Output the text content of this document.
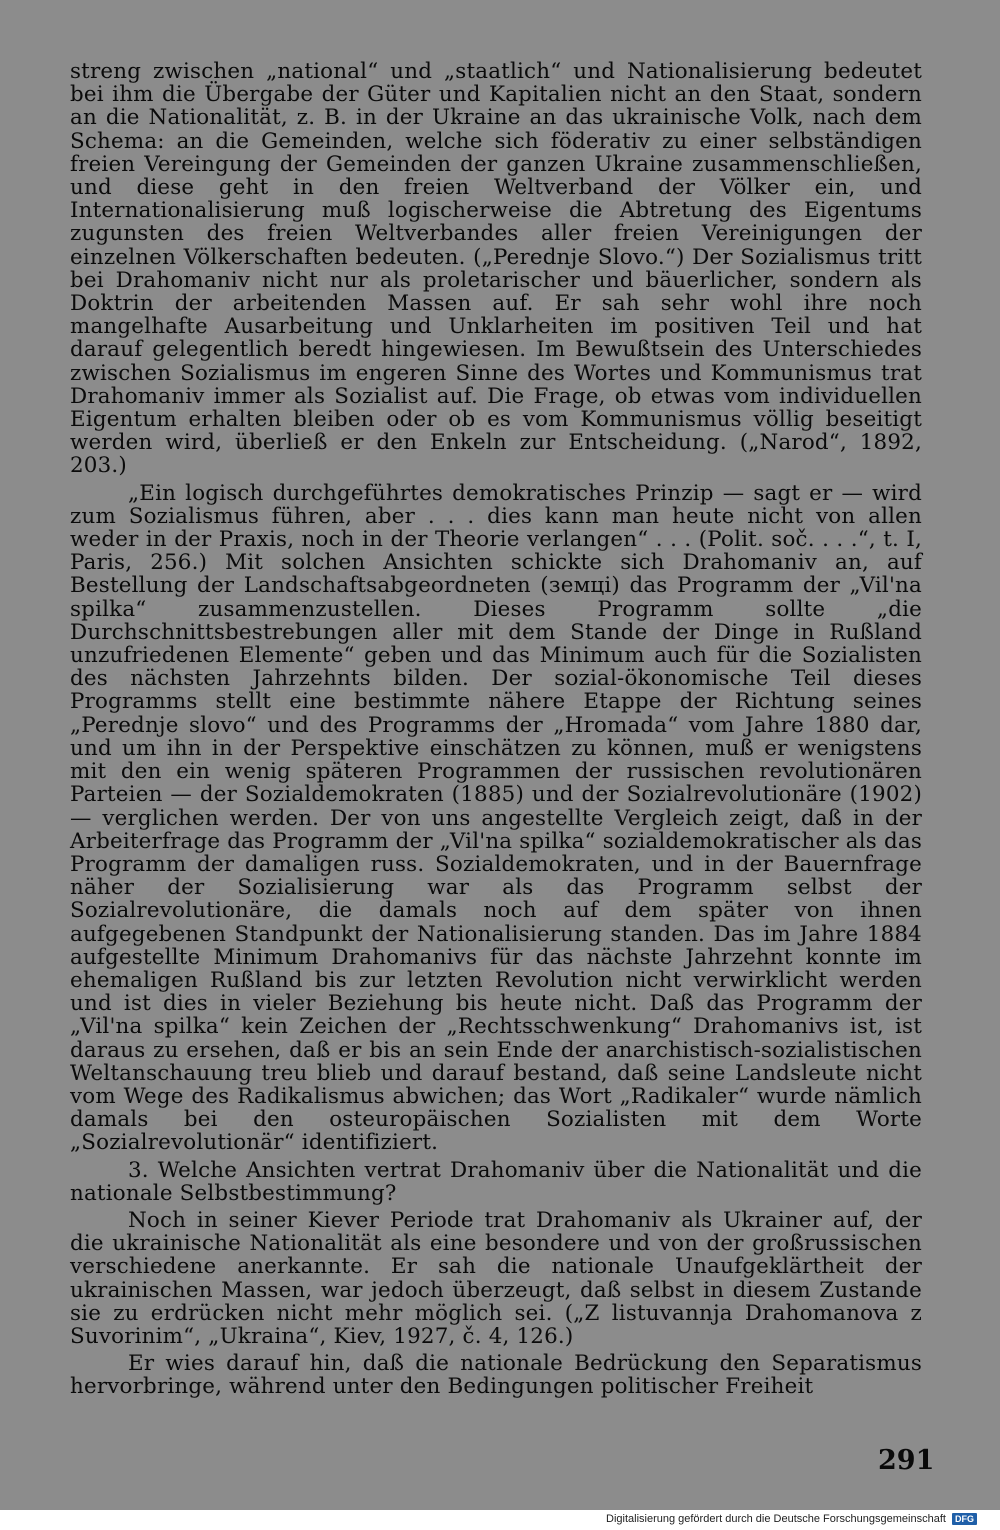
streng zwischen „national“ und „staatlich“ und Nationalisierung bedeutet bei ihm die Übergabe der Güter und Kapitalien nicht an den Staat, sondern an die Nationalität, z. B. in der Ukraine an das ukrainische Volk, nach dem Schema: an die Gemeinden, welche sich föderativ zu einer selbständigen freien Vereingung der Gemeinden der ganzen Ukraine zusammenschließen, und diese geht in den freien Weltverband der Völker ein, und Internationalisierung muß logischerweise die Abtretung des Eigentums zugunsten des freien Weltverbandes aller freien Vereinigungen der einzelnen Völkerschaften bedeuten. („Perednje Slovo.“) Der Sozialismus tritt bei Drahomaniv nicht nur als proletarischer und bäuerlicher, sondern als Doktrin der arbeitenden Massen auf. Er sah sehr wohl ihre noch mangelhafte Ausarbeitung und Unklarheiten im positiven Teil und hat darauf gelegentlich beredt hingewiesen. Im Bewußtsein des Unterschiedes zwischen Sozialismus im engeren Sinne des Wortes und Kommunismus trat Drahomaniv immer als Sozialist auf. Die Frage, ob etwas vom individuellen Eigentum erhalten bleiben oder ob es vom Kommunismus völlig beseitigt werden wird, überließ er den Enkeln zur Entscheidung. („Narod“, 1892, 203.)

„Ein logisch durchgeführtes demokratisches Prinzip — sagt er — wird zum Sozialismus führen, aber . . . dies kann man heute nicht von allen weder in der Praxis, noch in der Theorie verlangen“ . . . (Polit. soč. . . .“, t. I, Paris, 256.) Mit solchen Ansichten schickte sich Drahomaniv an, auf Bestellung der Landschaftsabgeordneten (земці) das Programm der „Vil'na spilka“ zusammenzustellen. Dieses Programm sollte „die Durchschnittsbestrebungen aller mit dem Stande der Dinge in Rußland unzufriedenen Elemente“ geben und das Minimum auch für die Sozialisten des nächsten Jahrzehnts bilden. Der sozial-ökonomische Teil dieses Programms stellt eine bestimmte nähere Etappe der Richtung seines „Perednje slovo“ und des Programms der „Hromada“ vom Jahre 1880 dar, und um ihn in der Perspektive einschätzen zu können, muß er wenigstens mit den ein wenig späteren Programmen der russischen revolutionären Parteien — der Sozialdemokraten (1885) und der Sozialrevolutionäre (1902) — verglichen werden. Der von uns angestellte Vergleich zeigt, daß in der Arbeiterfrage das Programm der „Vil'na spilka“ sozialdemokratischer als das Programm der damaligen russ. Sozialdemokraten, und in der Bauernfrage näher der Sozialisierung war als das Programm selbst der Sozialrevolutionäre, die damals noch auf dem später von ihnen aufgegebenen Standpunkt der Nationalisierung standen. Das im Jahre 1884 aufgestellte Minimum Drahomanivs für das nächste Jahrzehnt konnte im ehemaligen Rußland bis zur letzten Revolution nicht verwirklicht werden und ist dies in vieler Beziehung bis heute nicht. Daß das Programm der „Vil'na spilka“ kein Zeichen der „Rechtsschwenkung“ Drahomanivs ist, ist daraus zu ersehen, daß er bis an sein Ende der anarchistisch-sozialistischen Weltanschauung treu blieb und darauf bestand, daß seine Landsleute nicht vom Wege des Radikalismus abwichen; das Wort „Radikaler“ wurde nämlich damals bei den osteuropäischen Sozialisten mit dem Worte „Sozialrevolutionär“ identifiziert.

3. Welche Ansichten vertrat Drahomaniv über die Nationalität und die nationale Selbstbestimmung?

Noch in seiner Kiever Periode trat Drahomaniv als Ukrainer auf, der die ukrainische Nationalität als eine besondere und von der großrussischen verschiedene anerkannte. Er sah die nationale Unaufgeklärtheit der ukrainischen Massen, war jedoch überzeugt, daß selbst in diesem Zustande sie zu erdrücken nicht mehr möglich sei. („Z listuvannja Drahomanova z Suvorinim“, „Ukraina“, Kiev, 1927, č. 4, 126.)

Er wies darauf hin, daß die nationale Bedrückung den Separatismus hervorbringe, während unter den Bedingungen politischer Freiheit

291
Digitalisierung gefördert durch die Deutsche Forschungsgemeinschaft DFG
